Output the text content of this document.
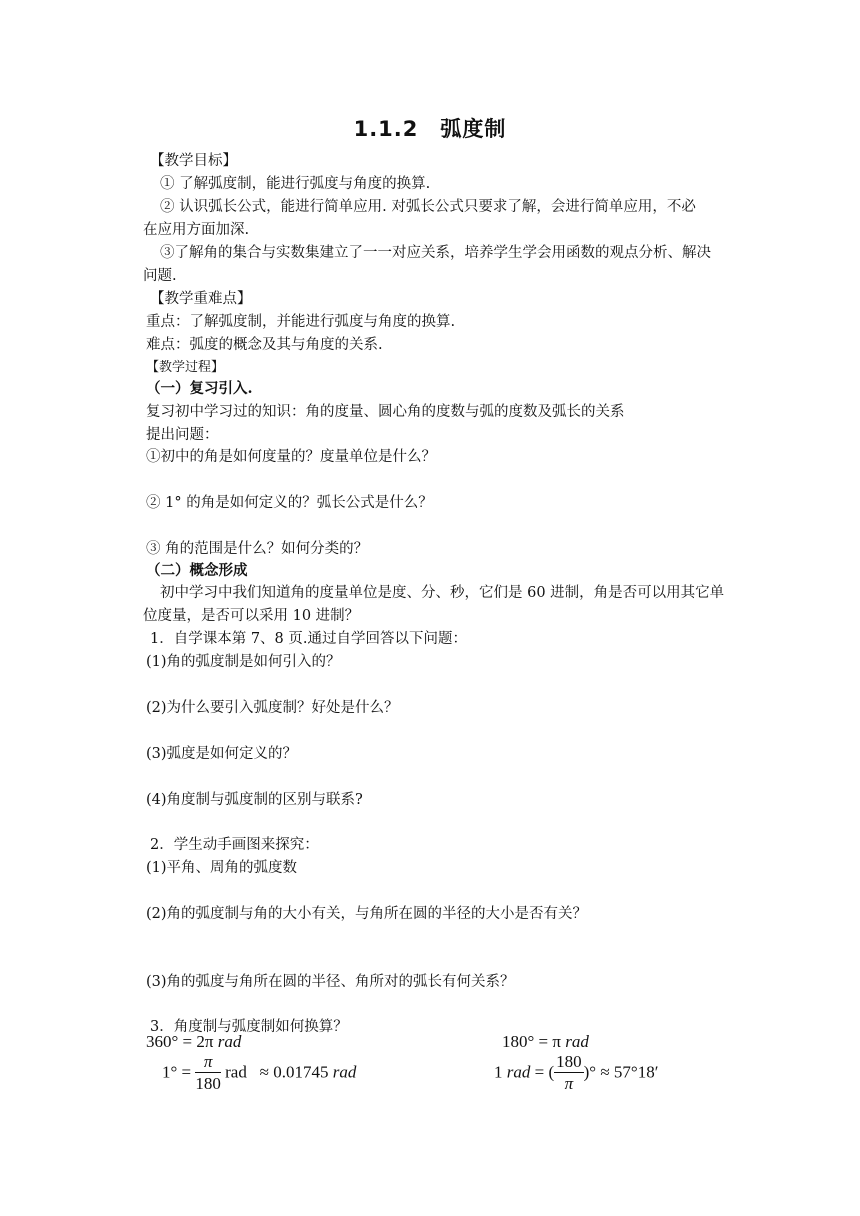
1.1.2　弧度制
【教学目标】
① 了解弧度制，能进行弧度与角度的换算.
② 认识弧长公式，能进行简单应用. 对弧长公式只要求了解，会进行简单应用，不必
在应用方面加深.
③了解角的集合与实数集建立了一一对应关系，培养学生学会用函数的观点分析、解决
问题.
【教学重难点】
重点：了解弧度制，并能进行弧度与角度的换算.
难点：弧度的概念及其与角度的关系.
【教学过程】
（一）复习引入.
复习初中学习过的知识：角的度量、圆心角的度数与弧的度数及弧长的关系
提出问题：
①初中的角是如何度量的？度量单位是什么？
② 1° 的角是如何定义的？弧长公式是什么？
③ 角的范围是什么？如何分类的？
（二）概念形成
初中学习中我们知道角的度量单位是度、分、秒，它们是 60 进制，角是否可以用其它单
位度量，是否可以采用 10 进制？
1．自学课本第 7、8 页.通过自学回答以下问题：
(1)角的弧度制是如何引入的？
(2)为什么要引入弧度制？好处是什么？
(3)弧度是如何定义的？
(4)角度制与弧度制的区别与联系?
2．学生动手画图来探究：
(1)平角、周角的弧度数
(2)角的弧度制与角的大小有关，与角所在圆的半径的大小是否有关？
(3)角的弧度与角所在圆的半径、角所对的弧长有何关系？
3．角度制与弧度制如何换算？
360° = 2π rad	180° = π rad
$1^\circ = \frac{\pi}{180}$ rad ≈ 0.01745 rad	1 rad = ( $\frac{180}{\pi}$ )° ≈ 57°18′
